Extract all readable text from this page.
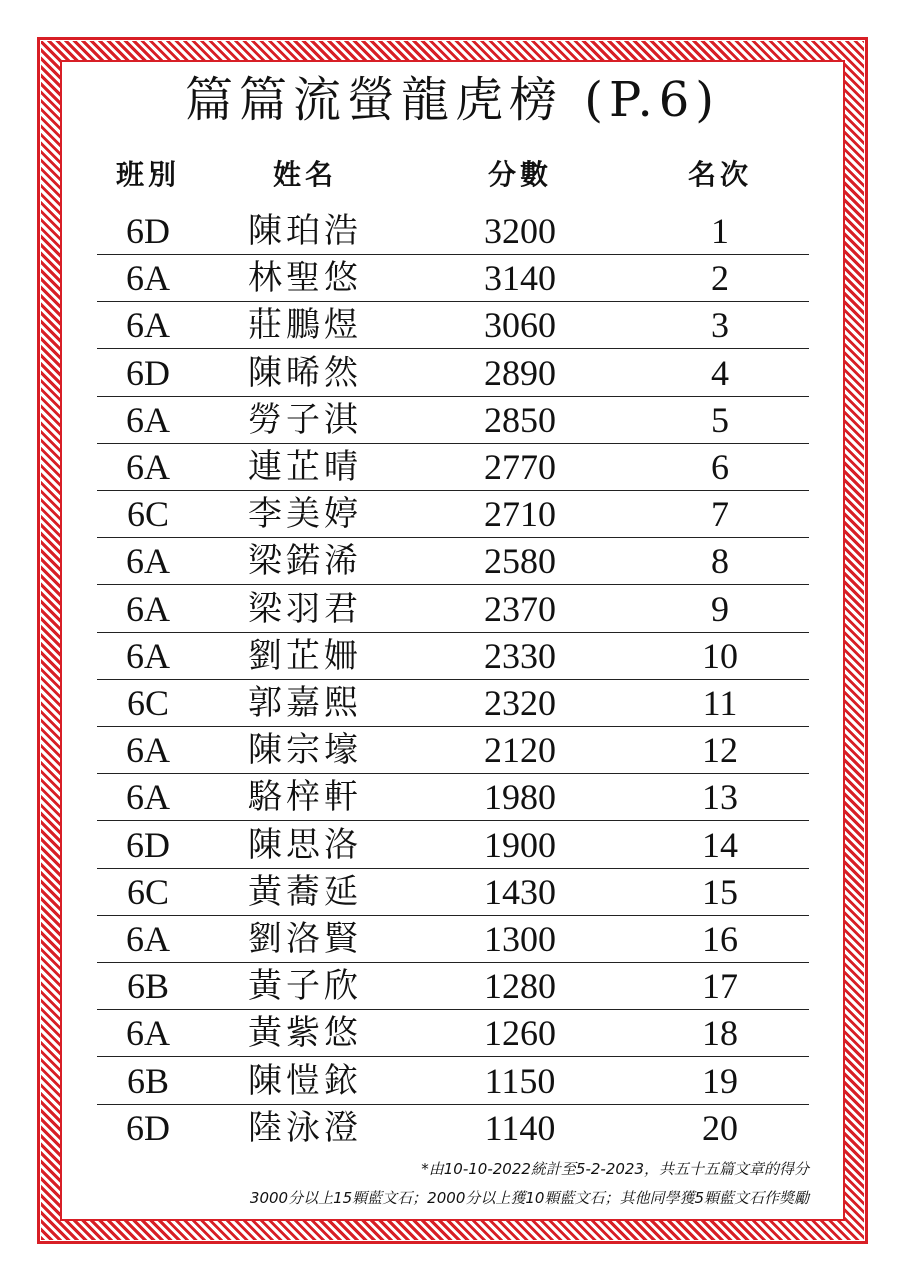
篇篇流螢龍虎榜 (P.6)
班別	姓名	分數	名次
6D	陳珀浩	3200	1
6A	林聖悠	3140	2
6A	莊鵬煜	3060	3
6D	陳晞然	2890	4
6A	勞子淇	2850	5
6A	連芷晴	2770	6
6C	李美婷	2710	7
6A	梁鍩浠	2580	8
6A	梁羽君	2370	9
6A	劉芷姍	2330	10
6C	郭嘉熙	2320	11
6A	陳宗壕	2120	12
6A	駱梓軒	1980	13
6D	陳思洛	1900	14
6C	黃蕎延	1430	15
6A	劉洛賢	1300	16
6B	黃子欣	1280	17
6A	黃紫悠	1260	18
6B	陳愷銥	1150	19
6D	陸泳澄	1140	20
*由10-10-2022統計至5-2-2023，共五十五篇文章的得分
3000分以上15顆藍文石；2000分以上獲10顆藍文石；其他同學獲5顆藍文石作獎勵
